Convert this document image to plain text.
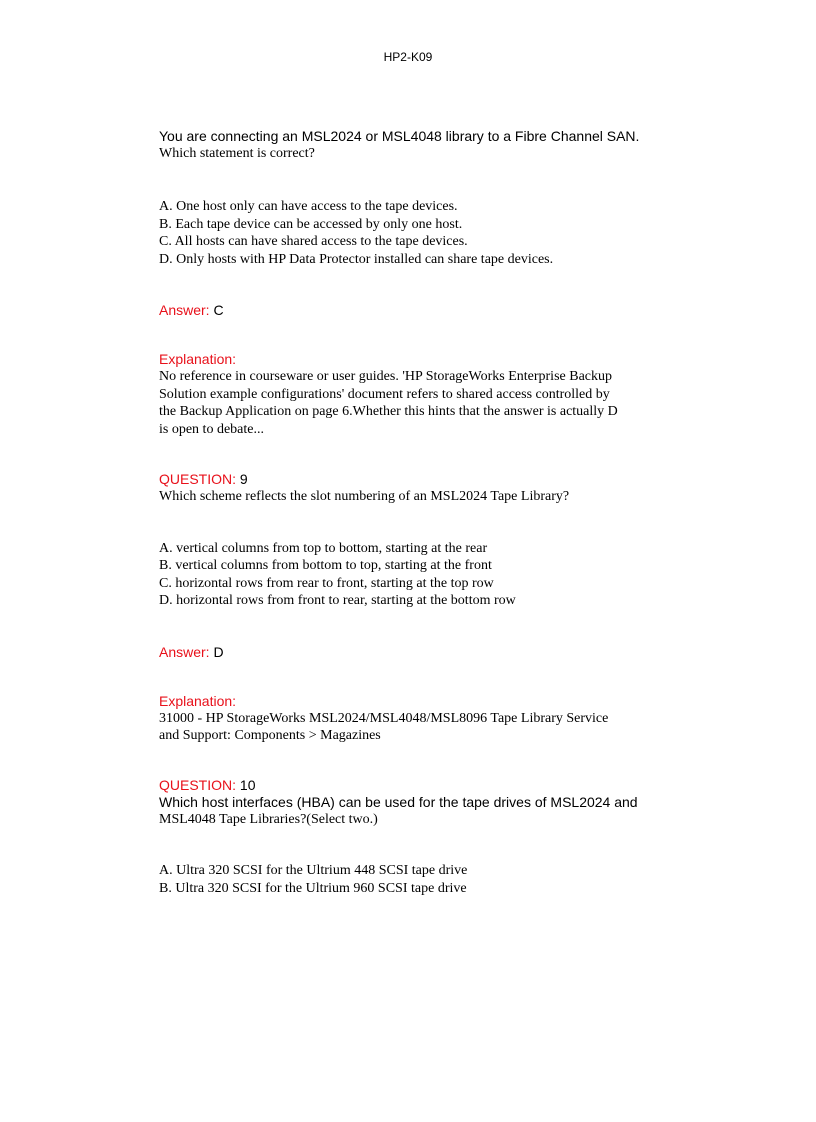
HP2-K09
You are connecting an MSL2024 or MSL4048 library to a Fibre Channel SAN.
Which statement is correct?
A. One host only can have access to the tape devices.
B. Each tape device can be accessed by only one host.
C. All hosts can have shared access to the tape devices.
D. Only hosts with HP Data Protector installed can share tape devices.
Answer: C
Explanation:
No reference in courseware or user guides. 'HP StorageWorks Enterprise Backup
Solution example configurations' document refers to shared access controlled by
the Backup Application on page 6.Whether this hints that the answer is actually D
is open to debate...
QUESTION: 9
Which scheme reflects the slot numbering of an MSL2024 Tape Library?
A. vertical columns from top to bottom, starting at the rear
B. vertical columns from bottom to top, starting at the front
C. horizontal rows from rear to front, starting at the top row
D. horizontal rows from front to rear, starting at the bottom row
Answer: D
Explanation:
31000 - HP StorageWorks MSL2024/MSL4048/MSL8096 Tape Library Service
and Support: Components > Magazines
QUESTION: 10
Which host interfaces (HBA) can be used for the tape drives of MSL2024 and
MSL4048 Tape Libraries?(Select two.)
A. Ultra 320 SCSI for the Ultrium 448 SCSI tape drive
B. Ultra 320 SCSI for the Ultrium 960 SCSI tape drive
